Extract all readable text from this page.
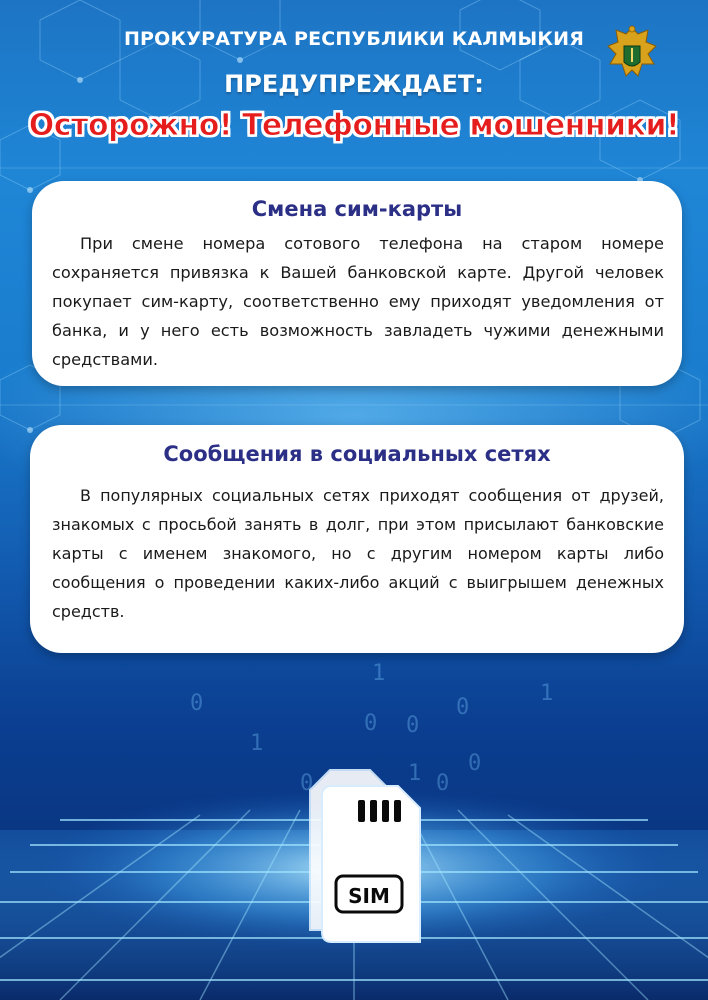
ПРОКУРАТУРА РЕСПУБЛИКИ КАЛМЫКИЯ
ПРЕДУПРЕЖДАЕТ:
Осторожно! Телефонные мошенники!
Смена сим-карты
При смене номера сотового телефона на старом номере сохраняется привязка к Вашей банковской карте. Другой человек покупает сим-карту, соответственно ему приходят уведомления от банка, и у него есть возможность завладеть чужими денежными средствами.
Сообщения в социальных сетях
В популярных социальных сетях приходят сообщения от друзей, знакомых с просьбой занять в долг, при этом присылают банковские карты с именем знакомого, но с другим номером карты либо сообщения о проведении каких-либо акций с выигрышем денежных средств.
1
0 0
0
0
1
0
1
SIM
